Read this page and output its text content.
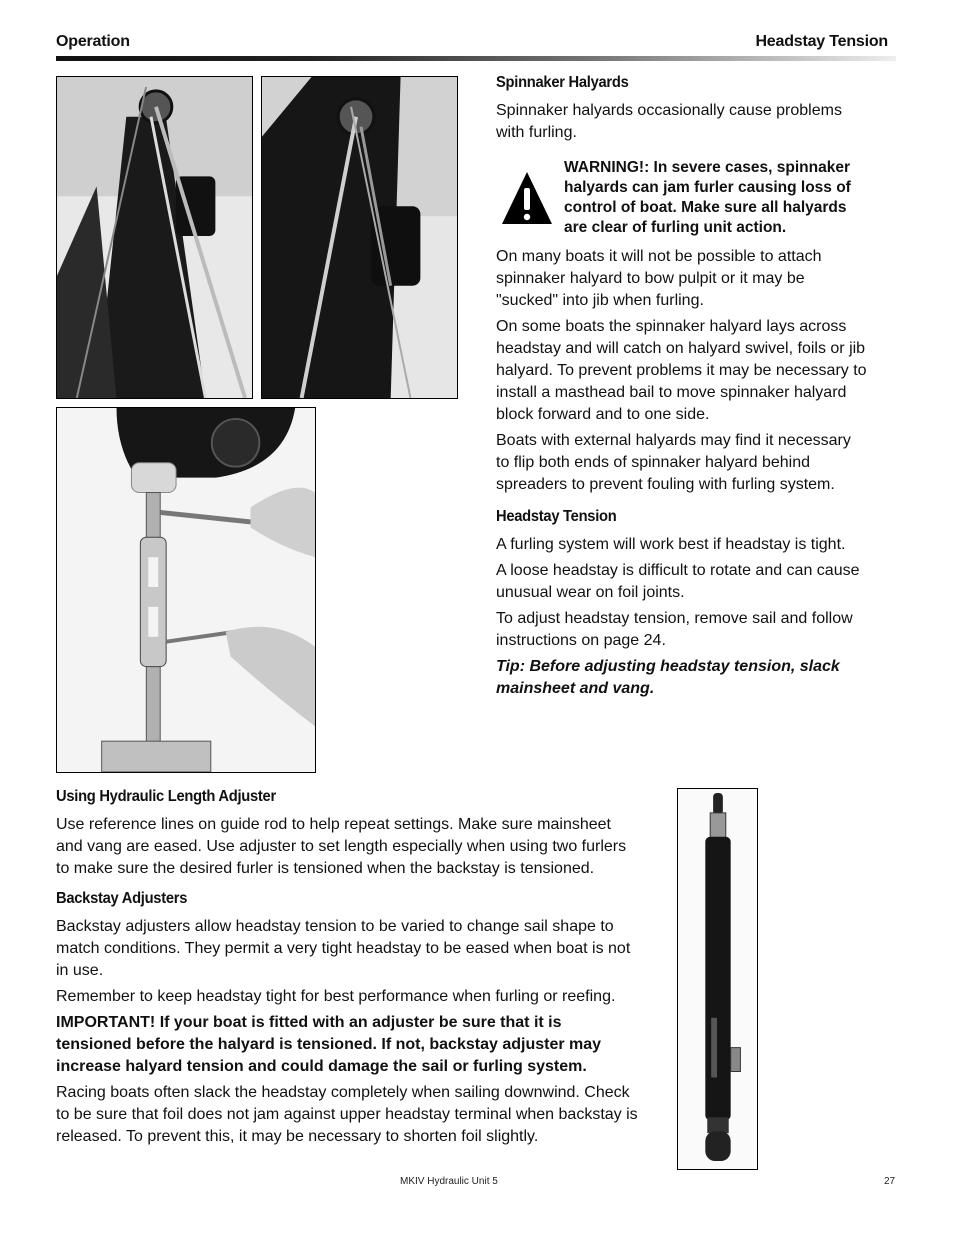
Operation	Headstay Tension
Spinnaker Halyards

Spinnaker halyards occasionally cause problems with furling.

WARNING!: In severe cases, spinnaker halyards can jam furler causing loss of control of boat. Make sure all halyards are clear of furling unit action.

On many boats it will not be possible to attach spinnaker halyard to bow pulpit or it may be "sucked" into jib when furling.

On some boats the spinnaker halyard lays across headstay and will catch on halyard swivel, foils or jib halyard. To prevent problems it may be necessary to install a masthead bail to move spinnaker halyard block forward and to one side.

Boats with external halyards may find it necessary to flip both ends of spinnaker halyard behind spreaders to prevent fouling with furling system.

Headstay Tension

A furling system will work best if headstay is tight.

A loose headstay is difficult to rotate and can cause unusual wear on foil joints.

To adjust headstay tension, remove sail and follow instructions on page 24.

Tip: Before adjusting headstay tension, slack mainsheet and vang.

Using Hydraulic Length Adjuster

Use reference lines on guide rod to help repeat settings. Make sure mainsheet and vang are eased. Use adjuster to set length especially when using two furlers to make sure the desired furler is tensioned when the backstay is tensioned.

Backstay Adjusters

Backstay adjusters allow headstay tension to be varied to change sail shape to match conditions. They permit a very tight headstay to be eased when boat is not in use.

Remember to keep headstay tight for best performance when furling or reefing.

IMPORTANT! If your boat is fitted with an adjuster be sure that it is tensioned before the halyard is tensioned. If not, backstay adjuster may increase halyard tension and could damage the sail or furling system.

Racing boats often slack the headstay completely when sailing downwind. Check to be sure that foil does not jam against upper headstay terminal when backstay is released. To prevent this, it may be necessary to shorten foil slightly.

MKIV Hydraulic Unit 5	27
